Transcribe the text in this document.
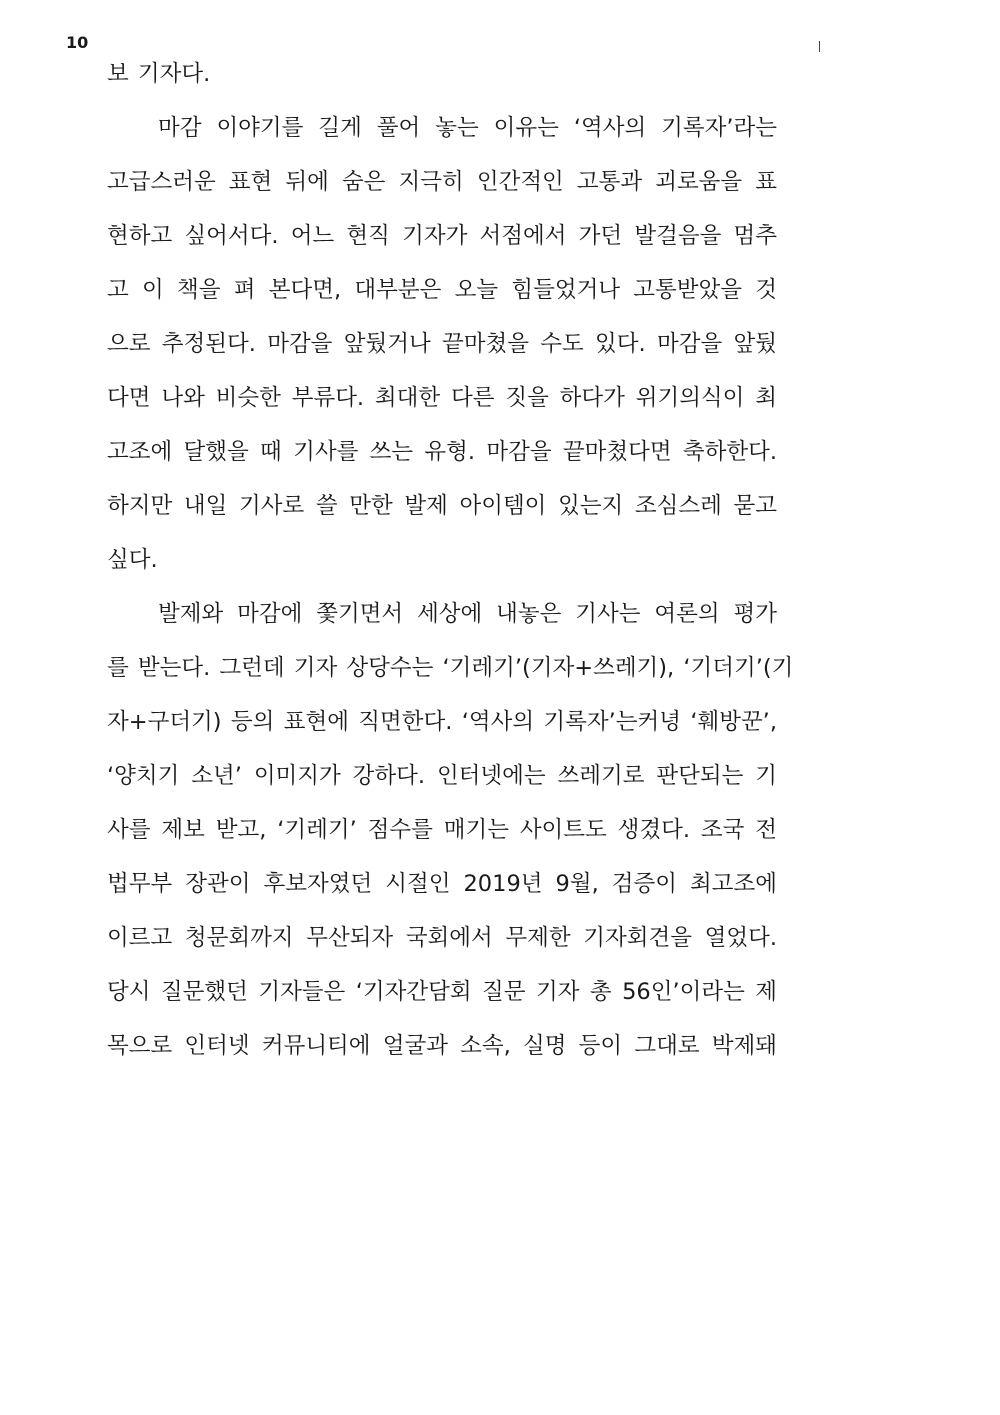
10
보 기자다.
마감 이야기를 길게 풀어 놓는 이유는 ‘역사의 기록자’라는
고급스러운 표현 뒤에 숨은 지극히 인간적인 고통과 괴로움을 표
현하고 싶어서다. 어느 현직 기자가 서점에서 가던 발걸음을 멈추
고 이 책을 펴 본다면, 대부분은 오늘 힘들었거나 고통받았을 것
으로 추정된다. 마감을 앞뒀거나 끝마쳤을 수도 있다. 마감을 앞뒀
다면 나와 비슷한 부류다. 최대한 다른 짓을 하다가 위기의식이 최
고조에 달했을 때 기사를 쓰는 유형. 마감을 끝마쳤다면 축하한다.
하지만 내일 기사로 쓸 만한 발제 아이템이 있는지 조심스레 묻고
싶다.
발제와 마감에 쫓기면서 세상에 내놓은 기사는 여론의 평가
를 받는다. 그런데 기자 상당수는 ‘기레기’(기자+쓰레기), ‘기더기’(기
자+구더기) 등의 표현에 직면한다. ‘역사의 기록자’는커녕 ‘훼방꾼’,
‘양치기 소년’ 이미지가 강하다. 인터넷에는 쓰레기로 판단되는 기
사를 제보 받고, ‘기레기’ 점수를 매기는 사이트도 생겼다. 조국 전
법무부 장관이 후보자였던 시절인 2019년 9월, 검증이 최고조에
이르고 청문회까지 무산되자 국회에서 무제한 기자회견을 열었다.
당시 질문했던 기자들은 ‘기자간담회 질문 기자 총 56인’이라는 제
목으로 인터넷 커뮤니티에 얼굴과 소속, 실명 등이 그대로 박제돼
